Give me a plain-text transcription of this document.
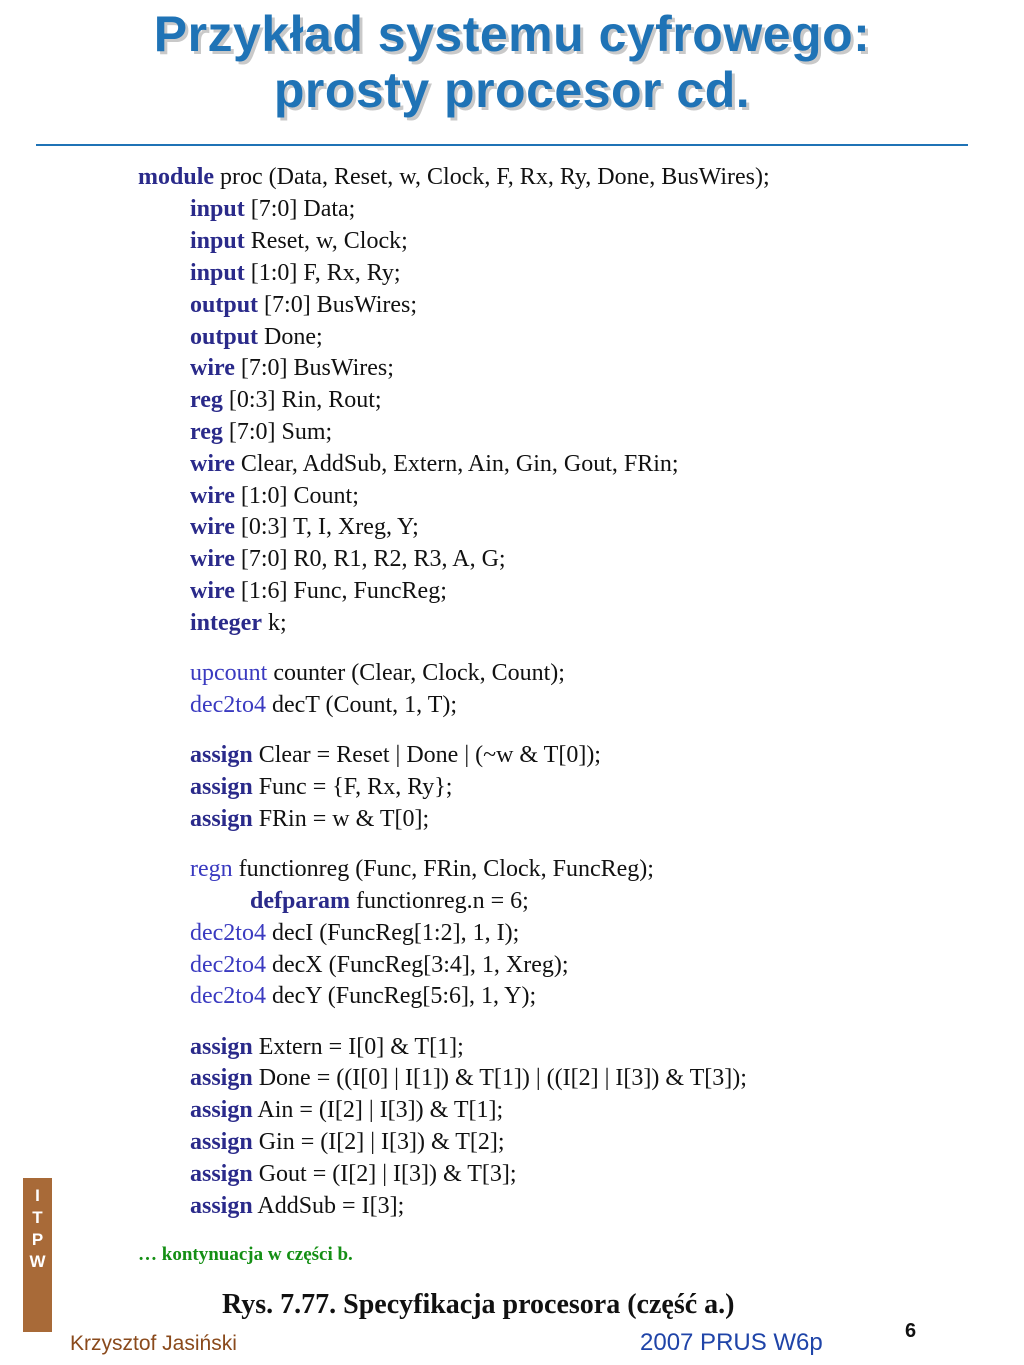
Przykład systemu cyfrowego:
prosty procesor cd.
module proc (Data, Reset, w, Clock, F, Rx, Ry, Done, BusWires);
input [7:0] Data;
input Reset, w, Clock;
input [1:0] F, Rx, Ry;
output [7:0] BusWires;
output Done;
wire [7:0] BusWires;
reg [0:3] Rin, Rout;
reg [7:0] Sum;
wire Clear, AddSub, Extern, Ain, Gin, Gout, FRin;
wire [1:0] Count;
wire [0:3] T, I, Xreg, Y;
wire [7:0] R0, R1, R2, R3, A, G;
wire [1:6] Func, FuncReg;
integer k;
upcount counter (Clear, Clock, Count);
dec2to4 decT (Count, 1, T);
assign Clear = Reset | Done | (~w & T[0]);
assign Func = {F, Rx, Ry};
assign FRin = w & T[0];
regn functionreg (Func, FRin, Clock, FuncReg);
defparam functionreg.n = 6;
dec2to4 decI (FuncReg[1:2], 1, I);
dec2to4 decX (FuncReg[3:4], 1, Xreg);
dec2to4 decY (FuncReg[5:6], 1, Y);
assign Extern = I[0] & T[1];
assign Done = ((I[0] | I[1]) & T[1]) | ((I[2] | I[3]) & T[3]);
assign Ain = (I[2] | I[3]) & T[1];
assign Gin = (I[2] | I[3]) & T[2];
assign Gout = (I[2] | I[3]) & T[3];
assign AddSub = I[3];
… kontynuacja w części b.
Rys. 7.77. Specyfikacja procesora (część a.)
I
T
P
W
6
Krzysztof Jasiński	2007 PRUS W6p
